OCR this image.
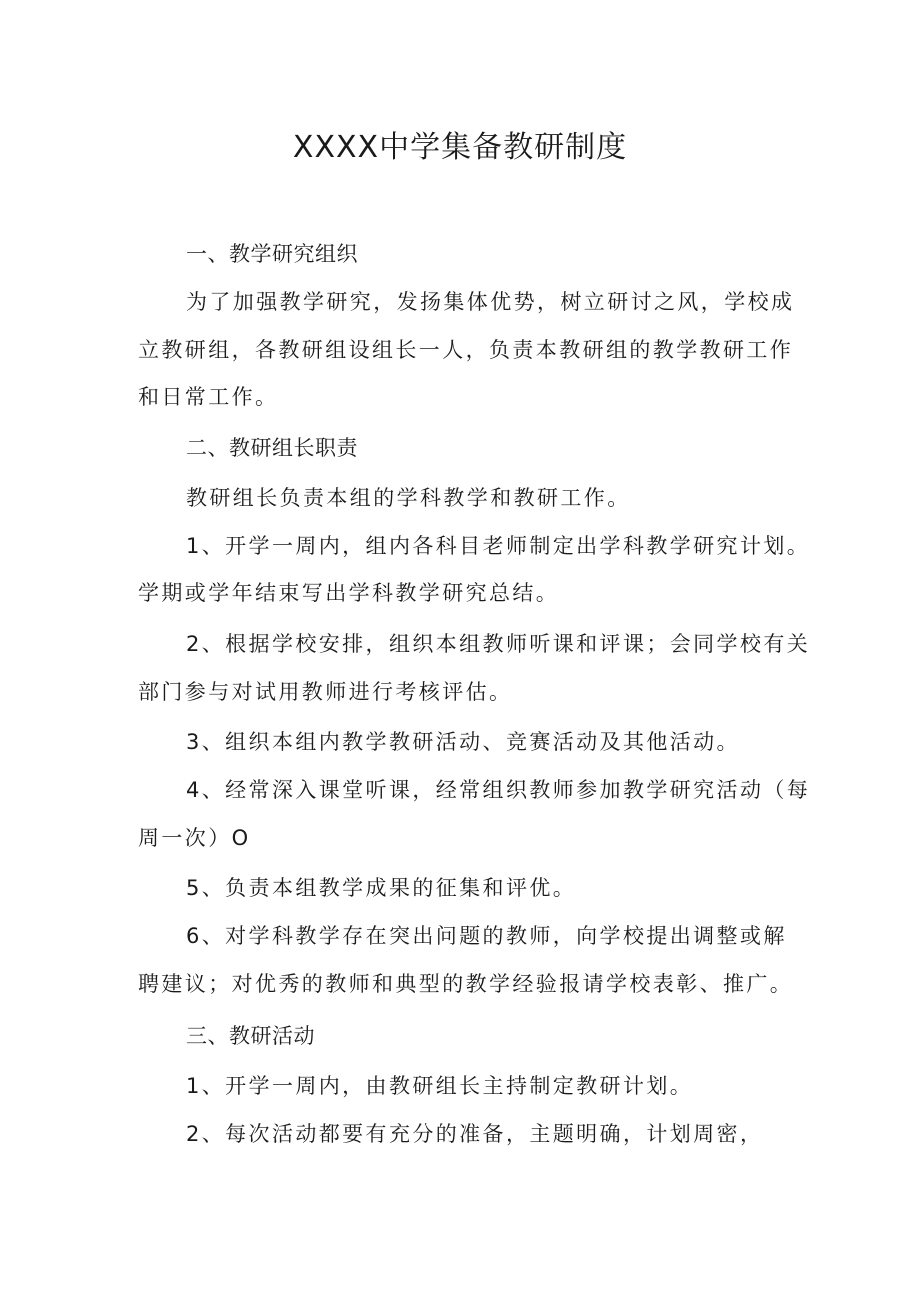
XXXX中学集备教研制度

一、教学研究组织

为了加强教学研究，发扬集体优势，树立研讨之风，学校成

立教研组，各教研组设组长一人，负责本教研组的教学教研工作

和日常工作。

二、教研组长职责

教研组长负责本组的学科教学和教研工作。

1、开学一周内，组内各科目老师制定出学科教学研究计划。

学期或学年结束写出学科教学研究总结。

2、根据学校安排，组织本组教师听课和评课；会同学校有关

部门参与对试用教师进行考核评估。

3、组织本组内教学教研活动、竞赛活动及其他活动。

4、经常深入课堂听课，经常组织教师参加教学研究活动（每

周一次）O

5、负责本组教学成果的征集和评优。

6、对学科教学存在突出问题的教师，向学校提出调整或解

聘建议；对优秀的教师和典型的教学经验报请学校表彰、推广。

三、教研活动

1、开学一周内，由教研组长主持制定教研计划。

2、每次活动都要有充分的准备，主题明确，计划周密，
